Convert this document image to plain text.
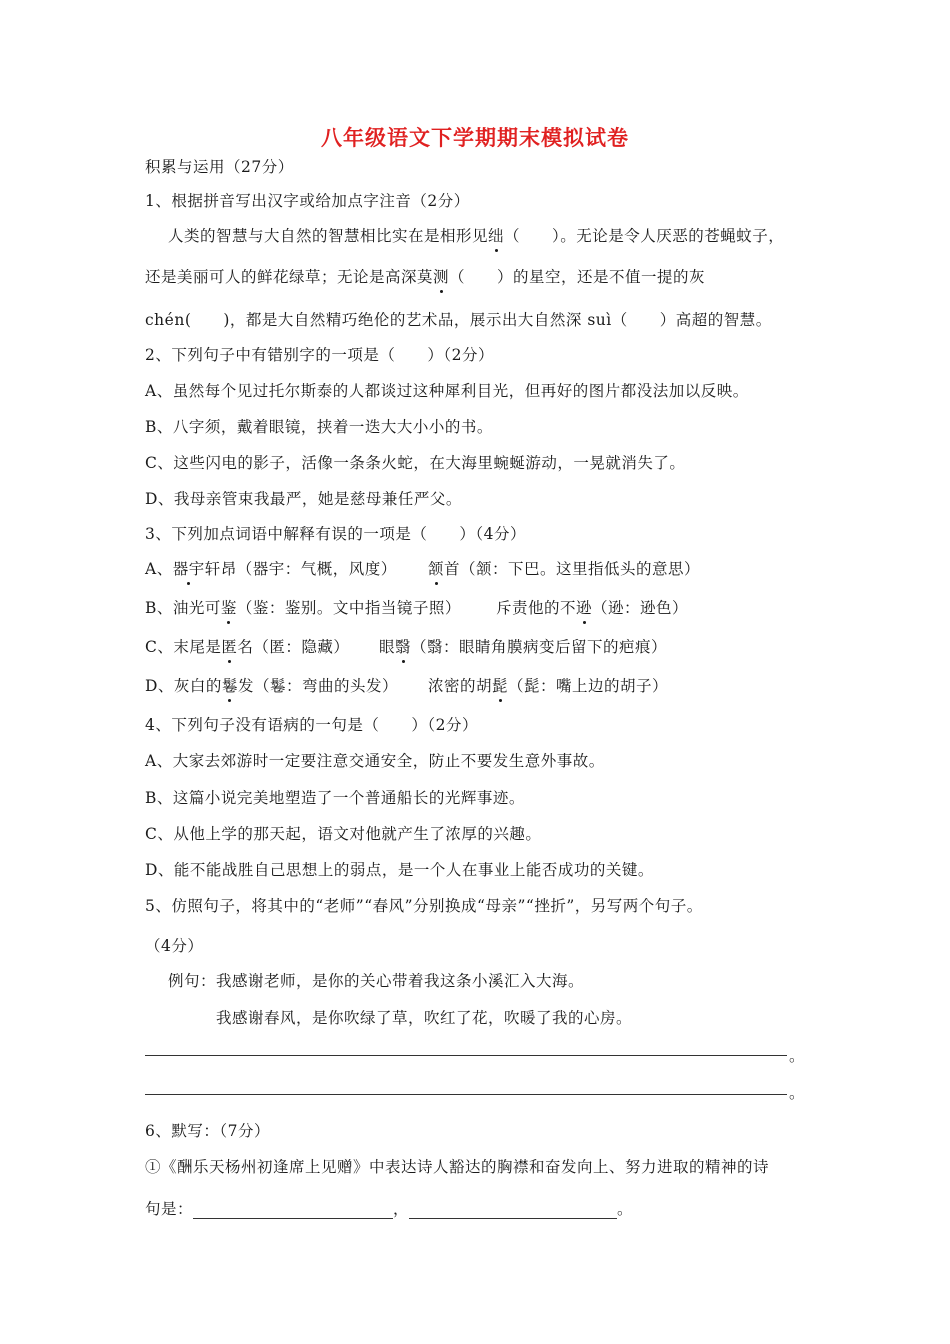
八年级语文下学期期末模拟试卷
积累与运用（27分）
1、根据拼音写出汉字或给加点字注音（2分）
人类的智慧与大自然的智慧相比实在是相形见绌（　　）。无论是令人厌恶的苍蝇蚊子，
还是美丽可人的鲜花绿草；无论是高深莫测（　　）的星空，还是不值一提的灰
chén(　　)，都是大自然精巧绝伦的艺术品，展示出大自然深 suì（　　）高超的智慧。
2、下列句子中有错别字的一项是（　　）（2分）
A、虽然每个见过托尔斯泰的人都谈过这种犀利目光，但再好的图片都没法加以反映。
B、八字须，戴着眼镜，挟着一迭大大小小的书。
C、这些闪电的影子，活像一条条火蛇，在大海里蜿蜒游动，一晃就消失了。
D、我母亲管束我最严，她是慈母兼任严父。
3、下列加点词语中解释有误的一项是（　　）（4分）
A、器宇轩昂（器宇：气概，风度） 颔首（颔：下巴。这里指低头的意思）
B、油光可鉴（鉴：鉴别。文中指当镜子照） 斥责他的不逊（逊：逊色）
C、末尾是匿名（匿：隐藏） 眼翳（翳：眼睛角膜病变后留下的疤痕）
D、灰白的鬈发（鬈：弯曲的头发） 浓密的胡髭（髭：嘴上边的胡子）
4、下列句子没有语病的一句是（　　）（2分）
A、大家去郊游时一定要注意交通安全，防止不要发生意外事故。
B、这篇小说完美地塑造了一个普通船长的光辉事迹。
C、从他上学的那天起，语文对他就产生了浓厚的兴趣。
D、能不能战胜自己思想上的弱点，是一个人在事业上能否成功的关键。
5、仿照句子，将其中的“老师”“春风”分别换成“母亲”“挫折”，另写两个句子。
（4分）
例句：我感谢老师，是你的关心带着我这条小溪汇入大海。
我感谢春风，是你吹绿了草，吹红了花，吹暖了我的心房。
。
。
6、默写：（7分）
①《酬乐天杨州初逢席上见赠》中表达诗人豁达的胸襟和奋发向上、努力进取的精神的诗
句是：	，	。
